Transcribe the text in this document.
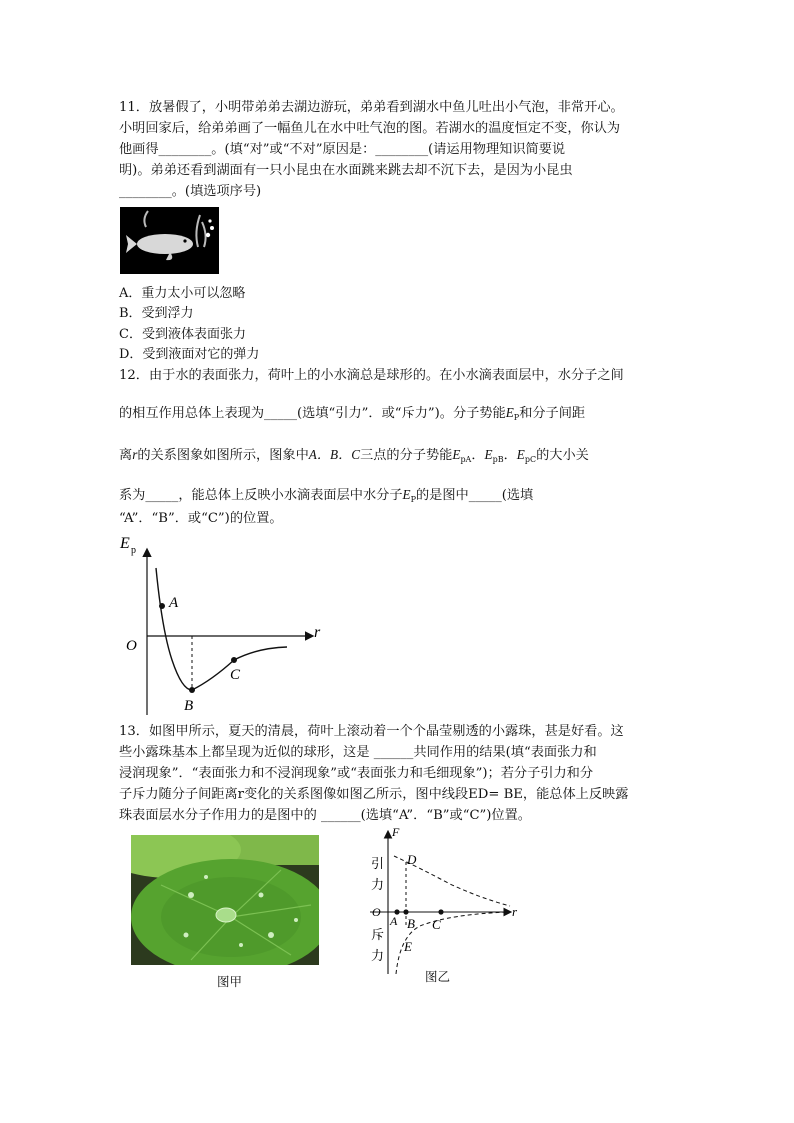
11．放暑假了，小明带弟弟去湖边游玩，弟弟看到湖水中鱼儿吐出小气泡，非常开心。
小明回家后，给弟弟画了一幅鱼儿在水中吐气泡的图。若湖水的温度恒定不变，你认为
他画得________。(填“对”或“不对”原因是：________(请运用物理知识简要说
明)。弟弟还看到湖面有一只小昆虫在水面跳来跳去却不沉下去，是因为小昆虫
________。(填选项序号)
A．重力太小可以忽略
B．受到浮力
C．受到液体表面张力
D．受到液面对它的弹力
12．由于水的表面张力，荷叶上的小水滴总是球形的。在小水滴表面层中，水分子之间
的相互作用总体上表现为_____(选填“引力”．或“斥力”)。分子势能$E_P$和分子间距
离r的关系图象如图所示，图象中A．B．C三点的分子势能$E_{pA}$．$E_{pB}$．$E_{pC}$的大小关
系为_____，能总体上反映小水滴表面层中水分子$E_P$的是图中_____(选填
“A”．“B”．或“C”)的位置。
E p
r
O
A
B
C
13．如图甲所示，夏天的清晨，荷叶上滚动着一个个晶莹剔透的小露珠，甚是好看。这
些小露珠基本上都呈现为近似的球形，这是 ______共同作用的结果(填“表面张力和
浸润现象”．“表面张力和不浸润现象”或“表面张力和毛细现象”)；若分子引力和分
子斥力随分子间距离r变化的关系图像如图乙所示，图中线段ED= BE，能总体上反映露
珠表面层水分子作用力的是图中的 ______(选填“A”．“B”或“C”)位置。
图甲
F
r
O
引
力
斥
力
A B C
D
E
图乙
